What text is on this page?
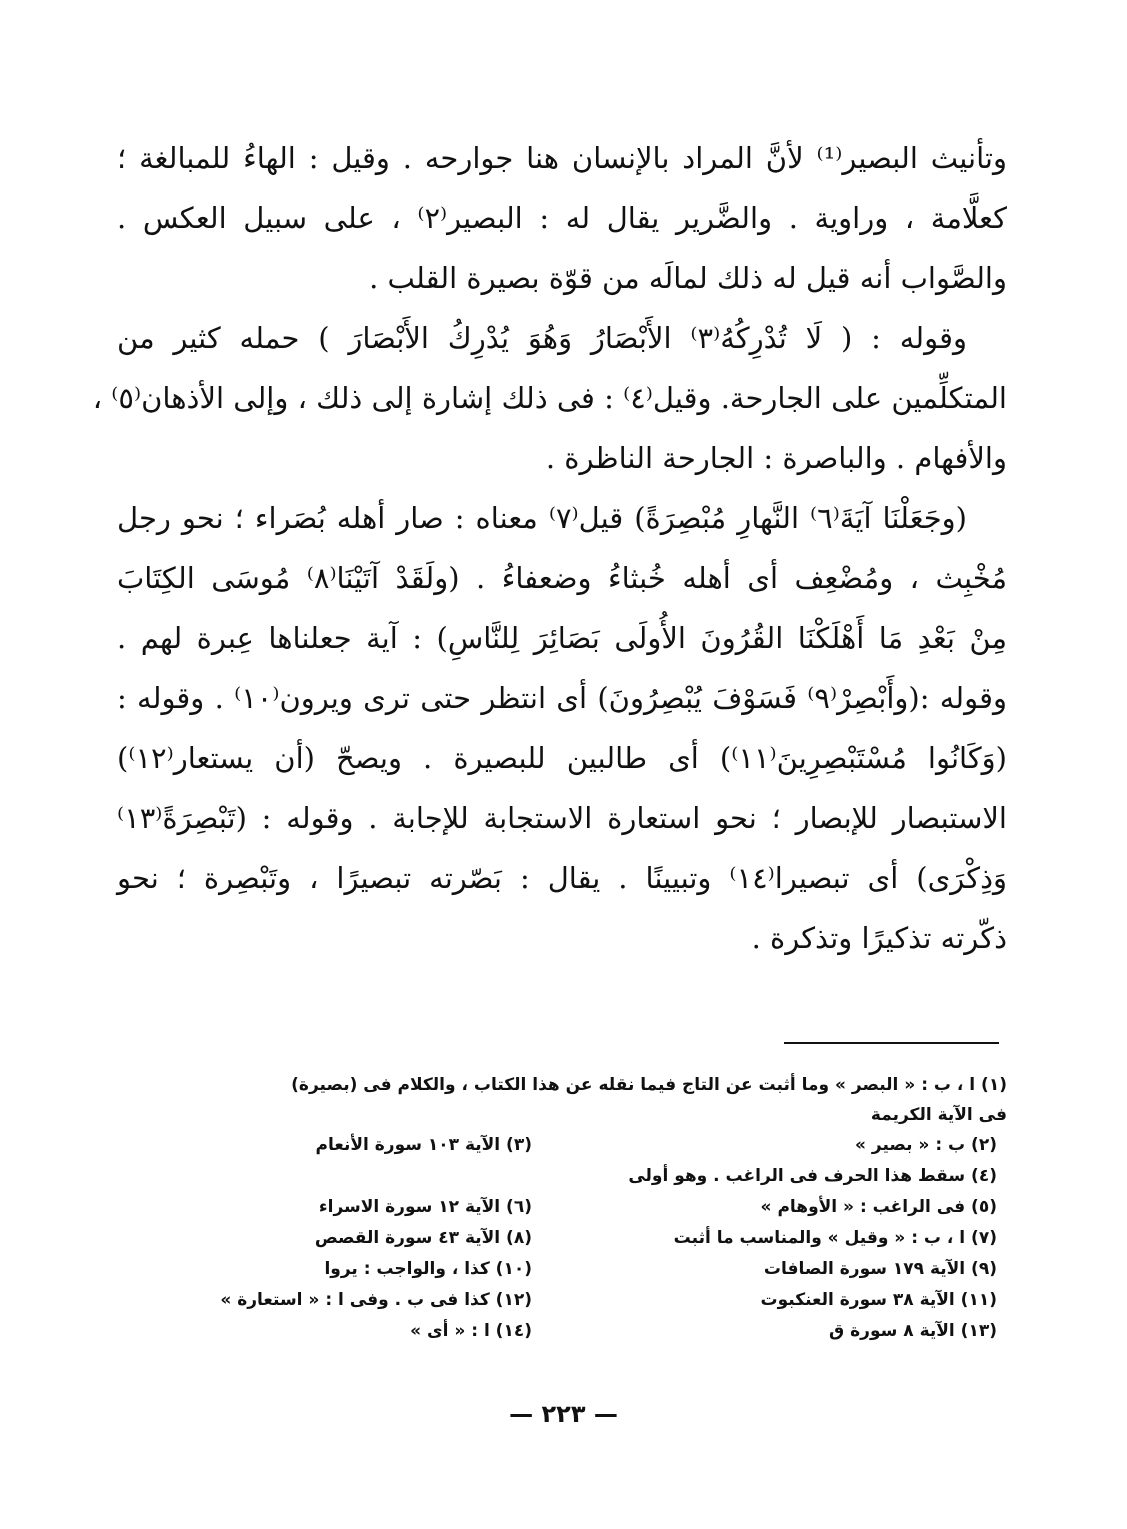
وتأنيث البصير⁽¹⁾ لأنَّ المراد بالإنسان هنا جوارحه . وقيل : الهاءُ للمبالغة ؛
كعلَّامة ، وراوية . والضَّرير يقال له : البصير⁽٢⁾ ، على سبيل العكس .
والصَّواب أنه قيل له ذلك لمالَه من قوّة بصيرة القلب .
وقوله : ( لَا تُدْرِكُهُ⁽٣⁾ الأَبْصَارُ وَهُوَ يُدْرِكُ الأَبْصَارَ ) حمله كثير من
المتكلِّمين على الجارحة. وقيل⁽٤⁾ : فى ذلك إشارة إلى ذلك ، وإلى الأذهان⁽٥⁾ ،
والأفهام . والباصرة : الجارحة الناظرة .
(وجَعَلْنَا آيَةَ⁽٦⁾ النَّهارِ مُبْصِرَةً) قيل⁽٧⁾ معناه : صار أهله بُصَراء ؛ نحو رجل
مُخْبِث ، ومُضْعِف أى أهله خُبثاءُ وضعفاءُ . (ولَقَدْ آتَيْنَا⁽٨⁾ مُوسَى الكِتَابَ
مِنْ بَعْدِ مَا أَهْلَكْنَا القُرُونَ الأُولَى بَصَائِرَ لِلنَّاسِ) : آية جعلناها عِبرة لهم .
وقوله :(وأَبْصِرْ⁽٩⁾ فَسَوْفَ يُبْصِرُونَ) أى انتظر حتى ترى ويرون⁽١٠⁾ . وقوله :
(وَكَانُوا مُسْتَبْصِرِينَ⁽١١⁾) أى طالبين للبصيرة . ويصحّ (أن يستعار⁽١٢⁾)
الاستبصار للإبصار ؛ نحو استعارة الاستجابة للإجابة . وقوله : (تَبْصِرَةً⁽١٣⁾
وَذِكْرَى) أى تبصيرا⁽١٤⁾ وتبيينًا . يقال : بَصّرته تبصيرًا ، وتَبْصِرة ؛ نحو
ذكّرته تذكيرًا وتذكرة .
(١) ا ، ب : « البصر » وما أثبت عن التاج فيما نقله عن هذا الكتاب ، والكلام فى (بصيرة)
فى الآية الكريمة
(٢) ب : « بصير »
(٣) الآية ١٠٣ سورة الأنعام
(٤) سقط هذا الحرف فى الراغب . وهو أولى
(٥) فى الراغب : « الأوهام »
(٦) الآية ١٢ سورة الاسراء
(٧) ا ، ب : « وقيل » والمناسب ما أثبت
(٨) الآية ٤٣ سورة القصص
(٩) الآية ١٧٩ سورة الصافات
(١٠) كذا ، والواجب : يروا
(١١) الآية ٣٨ سورة العنكبوت
(١٢) كذا فى ب . وفى ا : « استعارة »
(١٣) الآية ٨ سورة ق
(١٤) ا : « أى »
— ٢٢٣ —
